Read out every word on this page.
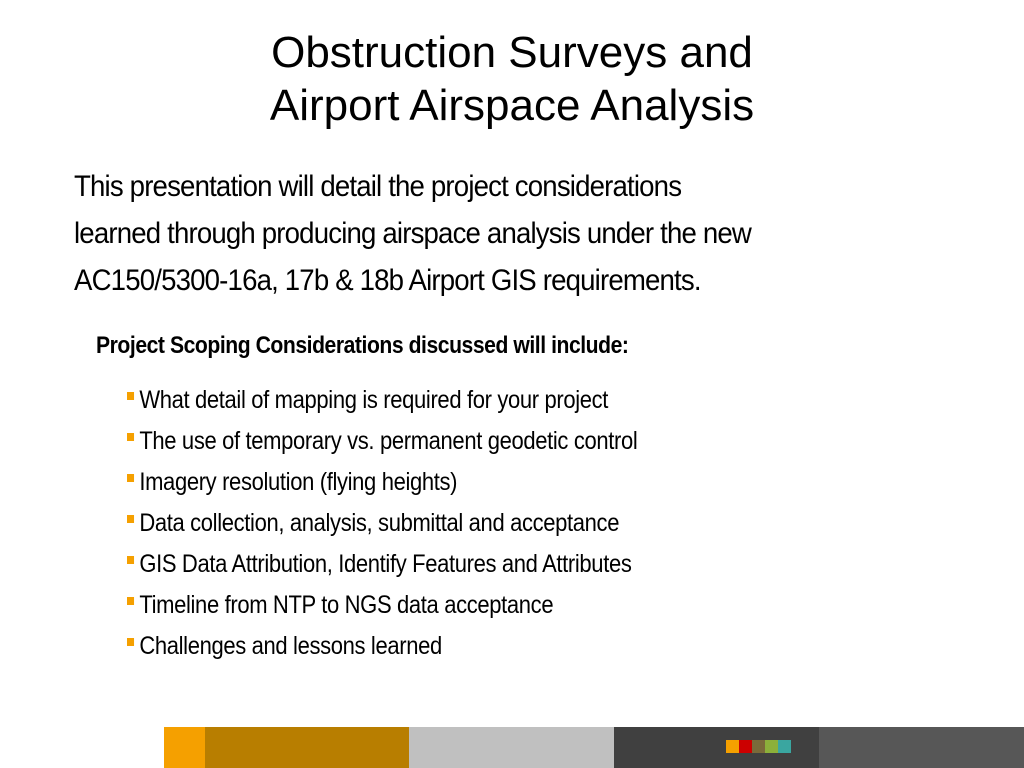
Obstruction Surveys and
Airport Airspace Analysis
This presentation will detail the project considerations
learned through producing airspace analysis under the new
AC150/5300-16a, 17b & 18b Airport GIS requirements.
Project Scoping Considerations discussed will include:
What detail of mapping is required for your project
The use of temporary vs. permanent geodetic control
Imagery resolution (flying heights)
Data collection, analysis, submittal and acceptance
GIS Data Attribution, Identify Features and Attributes
Timeline from NTP to NGS data acceptance
Challenges and lessons learned
